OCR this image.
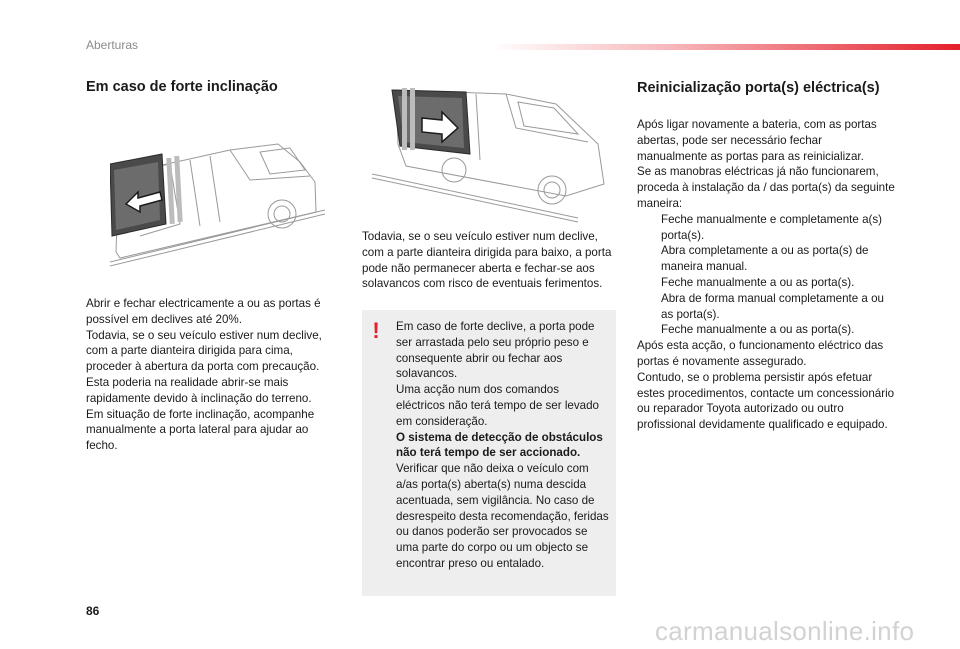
Aberturas
Em caso de forte inclinação

Abrir e fechar electricamente a ou as portas é possível em declives até 20%.

Todavia, se o seu veículo estiver num declive, com a parte dianteira dirigida para cima, proceder à abertura da porta com precaução. Esta poderia na realidade abrir-se mais rapidamente devido à inclinação do terreno.

Em situação de forte inclinação, acompanhe manualmente a porta lateral para ajudar ao fecho.

Todavia, se o seu veículo estiver num declive, com a parte dianteira dirigida para baixo, a porta pode não permanecer aberta e fechar-se aos solavancos com risco de eventuais ferimentos.

! Em caso de forte declive, a porta pode ser arrastada pelo seu próprio peso e consequente abrir ou fechar aos solavancos.

Uma acção num dos comandos eléctricos não terá tempo de ser levado em consideração.

O sistema de detecção de obstáculos não terá tempo de ser accionado.

Verificar que não deixa o veículo com a/as porta(s) aberta(s) numa descida acentuada, sem vigilância. No caso de desrespeito desta recomendação, feridas ou danos poderão ser provocados se uma parte do corpo ou um objecto se encontrar preso ou entalado.

Reinicialização porta(s) eléctrica(s)

Após ligar novamente a bateria, com as portas abertas, pode ser necessário fechar manualmente as portas para as reinicializar.

Se as manobras eléctricas já não funcionarem, proceda à instalação da / das porta(s) da seguinte maneira:

Feche manualmente e completamente a(s) porta(s).
Abra completamente a ou as porta(s) de maneira manual.
Feche manualmente a ou as porta(s).
Abra de forma manual completamente a ou as porta(s).
Feche manualmente a ou as porta(s).

Após esta acção, o funcionamento eléctrico das portas é novamente assegurado.

Contudo, se o problema persistir após efetuar estes procedimentos, contacte um concessionário ou reparador Toyota autorizado ou outro profissional devidamente qualificado e equipado.

86
carmanualsonline.info
